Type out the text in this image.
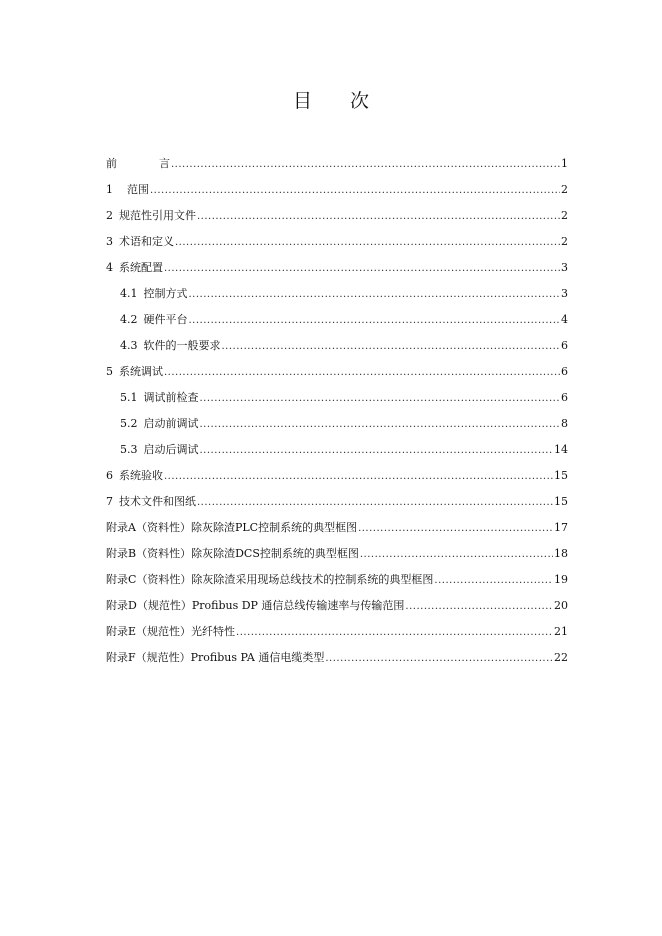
目 次
前	言 .....	1
1 范围 .....	2
2 规范性引用文件 .....	2
3 术语和定义 .....	2
4 系统配置 .....	3
4.1 控制方式 .....	3
4.2 硬件平台 .....	4
4.3 软件的一般要求 .....	6
5 系统调试 .....	6
5.1 调试前检查 .....	6
5.2 启动前调试 .....	8
5.3 启动后调试 .....	14
6 系统验收 .....	15
7 技术文件和图纸 .....	15
附录A（资料性）除灰除渣PLC控制系统的典型框图 .....	17
附录B（资料性）除灰除渣DCS控制系统的典型框图 .....	18
附录C（资料性）除灰除渣采用现场总线技术的控制系统的典型框图 .....	19
附录D（规范性）Profibus DP 通信总线传输速率与传输范围 .....	20
附录E（规范性）光纤特性 .....	21
附录F（规范性）Profibus PA 通信电缆类型 .....	22
